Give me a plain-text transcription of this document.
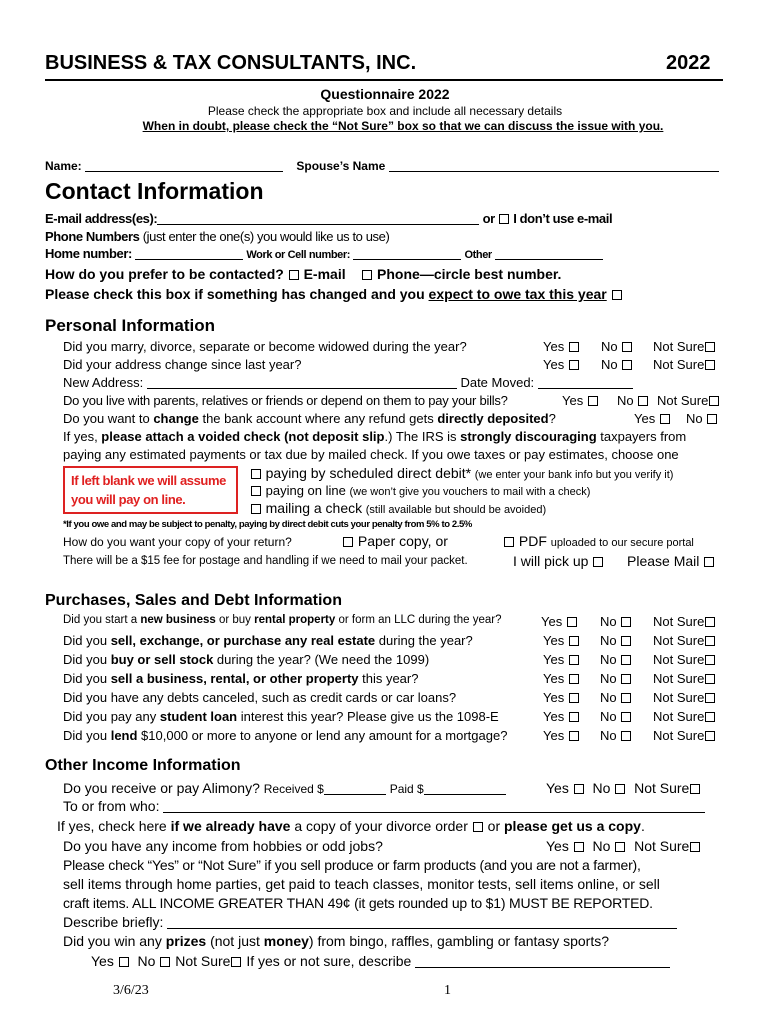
BUSINESS & TAX CONSULTANTS, INC.	2022
Questionnaire 2022
Please check the appropriate box and include all necessary details
When in doubt, please check the “Not Sure” box so that we can discuss the issue with you.
Name:	Spouse’s Name
Contact Information
E-mail address(es):	or I don’t use e-mail
Phone Numbers (just enter the one(s) you would like us to use)
Home number:	Work or Cell number:	Other
How do you prefer to be contacted? E-mail Phone—circle best number.
Please check this box if something has changed and you expect to owe tax this year
Personal Information
Did you marry, divorce, separate or become widowed during the year?	Yes	No	Not Sure
Did your address change since last year?	Yes	No	Not Sure
New Address:	Date Moved:
Do you live with parents, relatives or friends or depend on them to pay your bills?	Yes	No	Not Sure
Do you want to change the bank account where any refund gets directly deposited?	Yes	No
If yes, please attach a voided check (not deposit slip.) The IRS is strongly discouraging taxpayers from
paying any estimated payments or tax due by mailed check. If you owe taxes or pay estimates, choose one
If left blank we will assume
you will pay on line.
paying by scheduled direct debit* (we enter your bank info but you verify it)
paying on line (we won’t give you vouchers to mail with a check)
mailing a check (still available but should be avoided)
*If you owe and may be subject to penalty, paying by direct debit cuts your penalty from 5% to 2.5%
How do you want your copy of your return?	Paper copy, or	PDF uploaded to our secure portal
There will be a $15 fee for postage and handling if we need to mail your packet.	I will pick up	Please Mail
Purchases, Sales and Debt Information
Did you start a new business or buy rental property or form an LLC during the year?	Yes	No	Not Sure
Did you sell, exchange, or purchase any real estate during the year?	Yes	No	Not Sure
Did you buy or sell stock during the year? (We need the 1099)	Yes	No	Not Sure
Did you sell a business, rental, or other property this year?	Yes	No	Not Sure
Did you have any debts canceled, such as credit cards or car loans?	Yes	No	Not Sure
Did you pay any student loan interest this year? Please give us the 1098-E	Yes	No	Not Sure
Did you lend $10,000 or more to anyone or lend any amount for a mortgage?	Yes	No	Not Sure
Other Income Information
Do you receive or pay Alimony? Received $	Paid $	Yes No Not Sure
To or from who:
If yes, check here if we already have a copy of your divorce order  or please get us a copy.
Do you have any income from hobbies or odd jobs?	Yes No Not Sure
Please check “Yes” or “Not Sure” if you sell produce or farm products (and you are not a farmer),
sell items through home parties, get paid to teach classes, monitor tests, sell items online, or sell
craft items. ALL INCOME GREATER THAN 49¢ (it gets rounded up to $1) MUST BE REPORTED.
Describe briefly:
Did you win any prizes (not just money) from bingo, raffles, gambling or fantasy sports?
Yes No Not Sure If yes or not sure, describe
3/6/23	1
